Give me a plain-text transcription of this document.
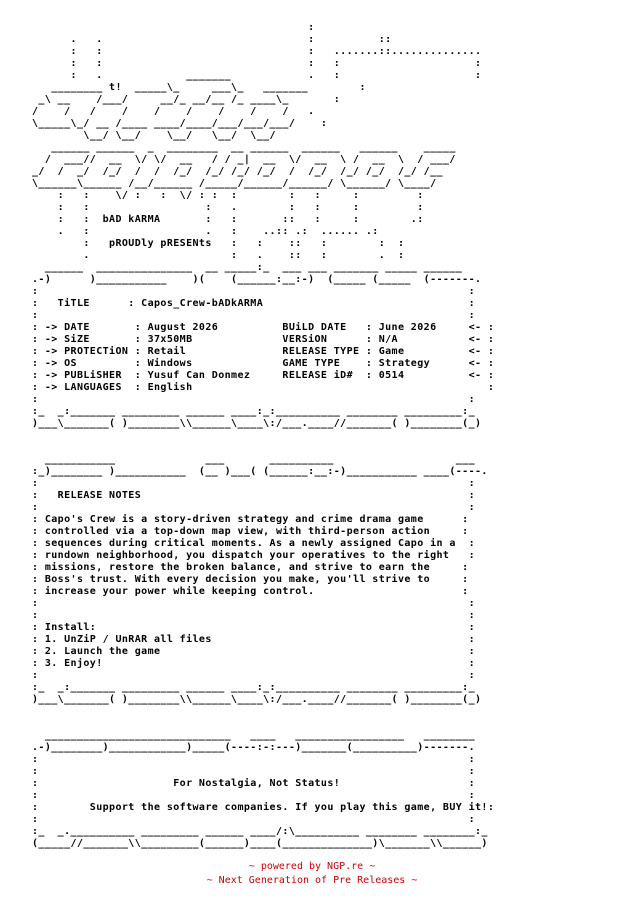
:
.   .                                :          ::
:   :                                :   .......::..............
:   :                                :   :                     :
:   .             _______            .   :                     :
________ t!  _____\_     ___\_   _______        :
_\ __    /___/     __/_ __/__ /_ ____\_       :
/    /   /    /    /    /    /    /    /   .
\_____\_/ __ /____ ____/____/___/___/___/    :
\__/ \__/    \__/   \__/  \__/
______ ______  _  ________  __ ______  ______   ______    _____
/  ___//  __  \/ \/  __   / / _|  __  \/  __  \ /  __  \  / ___/
_/  /  _/  /_/  /  /  /_/  /_/ /_/ /_/  /  /_/  /_/ /_/  /_/ /__
\______\______ /__/______ /_____/______/______/ \______/ \____/
:   :    \/ :   :  \/ : :  :        :   :     :         :
:   :                  :   .        :   :     :         :
:   :  bAD kARMA       :   :       ::   :     :        .:
.   :                  .   :    ..:: .:  ...... .:
:   pROUDly pRESENts   :   :    ::   :        :  :
.                      :   .    ::   :        .  :
______  _______________  __ _____:_  ___ ___ _______ _____ ______
.-)      )___________    )(    (______:__:-)  (_____ (_____  (-------.
:                                                                   :
:   TiTLE      : Capos_Crew-bADkARMA                                :
:                                                                   :
: -> DATE       : August 2026          BUiLD DATE   : June 2026     <- :
: -> SiZE       : 37x50MB              VERSiON      : N/A           <- :
: -> PROTECTiON : Retail               RELEASE TYPE : Game          <- :
: -> OS         : Windows              GAME TYPE    : Strategy      <- :
: -> PUBLiSHER  : Yusuf Can Donmez     RELEASE iD#  : 0514          <- :
: -> LANGUAGES  : English                                              :
:                                                                   :
:_  _:_______ _________ ______ ____:_:__________ ________ _________:_
)___\_______( )________\\______\____\:/___.____//_______( )________(_)

___________              ___       __________                   ___
:_)________ )___________  (__ )___( (______:__:-)___________ ____(----.
:                                                                   :
:   RELEASE NOTES                                                   :
:                                                                   :
: Capo's Crew is a story-driven strategy and crime drama game      :
: controlled via a top-down map view, with third-person action     :
: sequences during critical moments. As a newly assigned Capo in a  :
: rundown neighborhood, you dispatch your operatives to the right   :
: missions, restore the broken balance, and strive to earn the     :
: Boss's trust. With every decision you make, you'll strive to     :
: increase your power while keeping control.                       :
:                                                                   :
:                                                                   :
: Install:                                                          :
: 1. UnZiP / UnRAR all files                                        :
: 2. Launch the game                                                :
: 3. Enjoy!                                                         :
:                                                                   :
:_  _:_______ _________ ______ ____:_:__________ ________ _________:_
)___\_______( )________\\______\____\:/___.____//_______( )________(_)

_____________________________   ____   _________________   ________
.-)________)____________)_____(----:-:---)_______(__________)-------.
:                                                                   :
:                                                                   :
:                     For Nostalgia, Not Status!                    :
:                                                                   :
:        Support the software companies. If you play this game, BUY it!:
:                                                                   :
:_  _.__________ _________ ______ ____/:\__________ ________ ________:_
(_____//_______\\_________(______)____(______________)\_______\\______)
~ powered by NGP.re ~
~ Next Generation of Pre Releases ~
